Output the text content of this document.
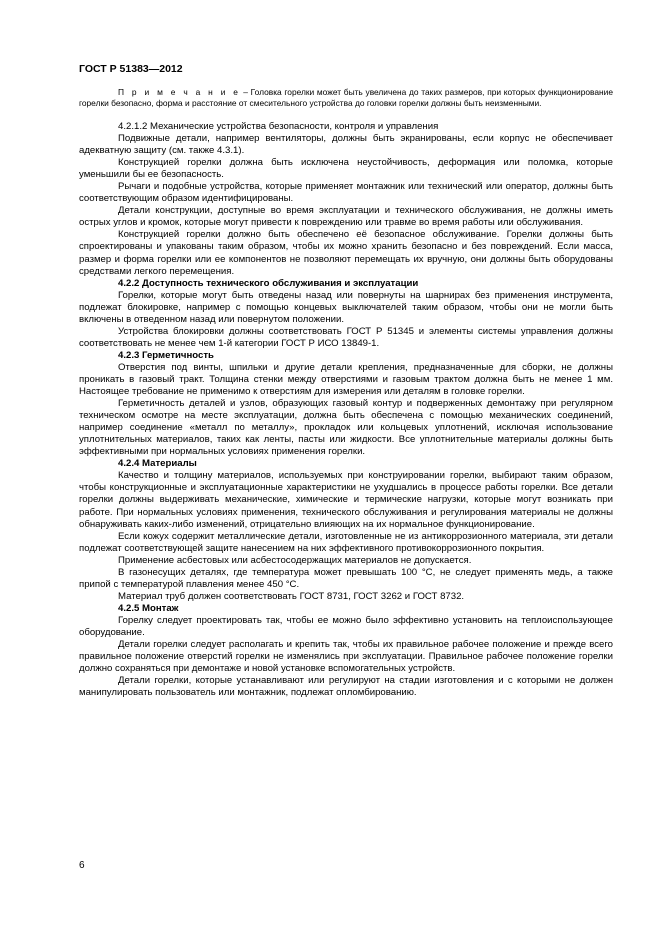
ГОСТ Р 51383—2012

П р и м е ч а н и е – Головка горелки может быть увеличена до таких размеров, при которых функционирование горелки безопасно, форма и расстояние от смесительного устройства до головки горелки должны быть неизменными.

4.2.1.2 Механические устройства безопасности, контроля и управления

Подвижные детали, например вентиляторы, должны быть экранированы, если корпус не обеспечивает адекватную защиту (см. также 4.3.1).

Конструкцией горелки должна быть исключена неустойчивость, деформация или поломка, которые уменьшили бы ее безопасность.

Рычаги и подобные устройства, которые применяет монтажник или технический или оператор, должны быть соответствующим образом идентифицированы.

Детали конструкции, доступные во время эксплуатации и технического обслуживания, не должны иметь острых углов и кромок, которые могут привести к повреждению или травме во время работы или обслуживания.

Конструкцией горелки должно быть обеспечено её безопасное обслуживание. Горелки должны быть спроектированы и упакованы таким образом, чтобы их можно хранить безопасно и без повреждений. Если масса, размер и форма горелки или ее компонентов не позволяют перемещать их вручную, они должны быть оборудованы средствами легкого перемещения.

4.2.2 Доступность технического обслуживания и эксплуатации

Горелки, которые могут быть отведены назад или повернуты на шарнирах без применения инструмента, подлежат блокировке, например с помощью концевых выключателей таким образом, чтобы они не могли быть включены в отведенном назад или повернутом положении.

Устройства блокировки должны соответствовать ГОСТ Р 51345 и элементы системы управления должны соответствовать не менее чем 1-й категории ГОСТ Р ИСО 13849-1.

4.2.3 Герметичность

Отверстия под винты, шпильки и другие детали крепления, предназначенные для сборки, не должны проникать в газовый тракт. Толщина стенки между отверстиями и газовым трактом должна быть не менее 1 мм. Настоящее требование не применимо к отверстиям для измерения или деталям в головке горелки.

Герметичность деталей и узлов, образующих газовый контур и подверженных демонтажу при регулярном техническом осмотре на месте эксплуатации, должна быть обеспечена с помощью механических соединений, например соединение «металл по металлу», прокладок или кольцевых уплотнений, исключая использование уплотнительных материалов, таких как ленты, пасты или жидкости. Все уплотнительные материалы должны быть эффективными при нормальных условиях применения горелки.

4.2.4 Материалы

Качество и толщину материалов, используемых при конструировании горелки, выбирают таким образом, чтобы конструкционные и эксплуатационные характеристики не ухудшались в процессе работы горелки. Все детали горелки должны выдерживать механические, химические и термические нагрузки, которые могут возникать при работе. При нормальных условиях применения, технического обслуживания и регулирования материалы не должны обнаруживать каких-либо изменений, отрицательно влияющих на их нормальное функционирование.

Если кожух содержит металлические детали, изготовленные не из антикоррозионного материала, эти детали подлежат соответствующей защите нанесением на них эффективного противокоррозионного покрытия.

Применение асбестовых или асбестосодержащих материалов не допускается.

В газонесущих деталях, где температура может превышать 100 °С, не следует применять медь, а также припой с температурой плавления менее 450 °С.

Материал труб должен соответствовать ГОСТ 8731, ГОСТ 3262 и ГОСТ 8732.

4.2.5 Монтаж

Горелку следует проектировать так, чтобы ее можно было эффективно установить на теплоиспользующее оборудование.

Детали горелки следует располагать и крепить так, чтобы их правильное рабочее положение и прежде всего правильное положение отверстий горелки не изменялись при эксплуатации. Правильное рабочее положение горелки должно сохраняться при демонтаже и новой установке вспомогательных устройств.

Детали горелки, которые устанавливают или регулируют на стадии изготовления и с которыми не должен манипулировать пользователь или монтажник, подлежат опломбированию.

6
